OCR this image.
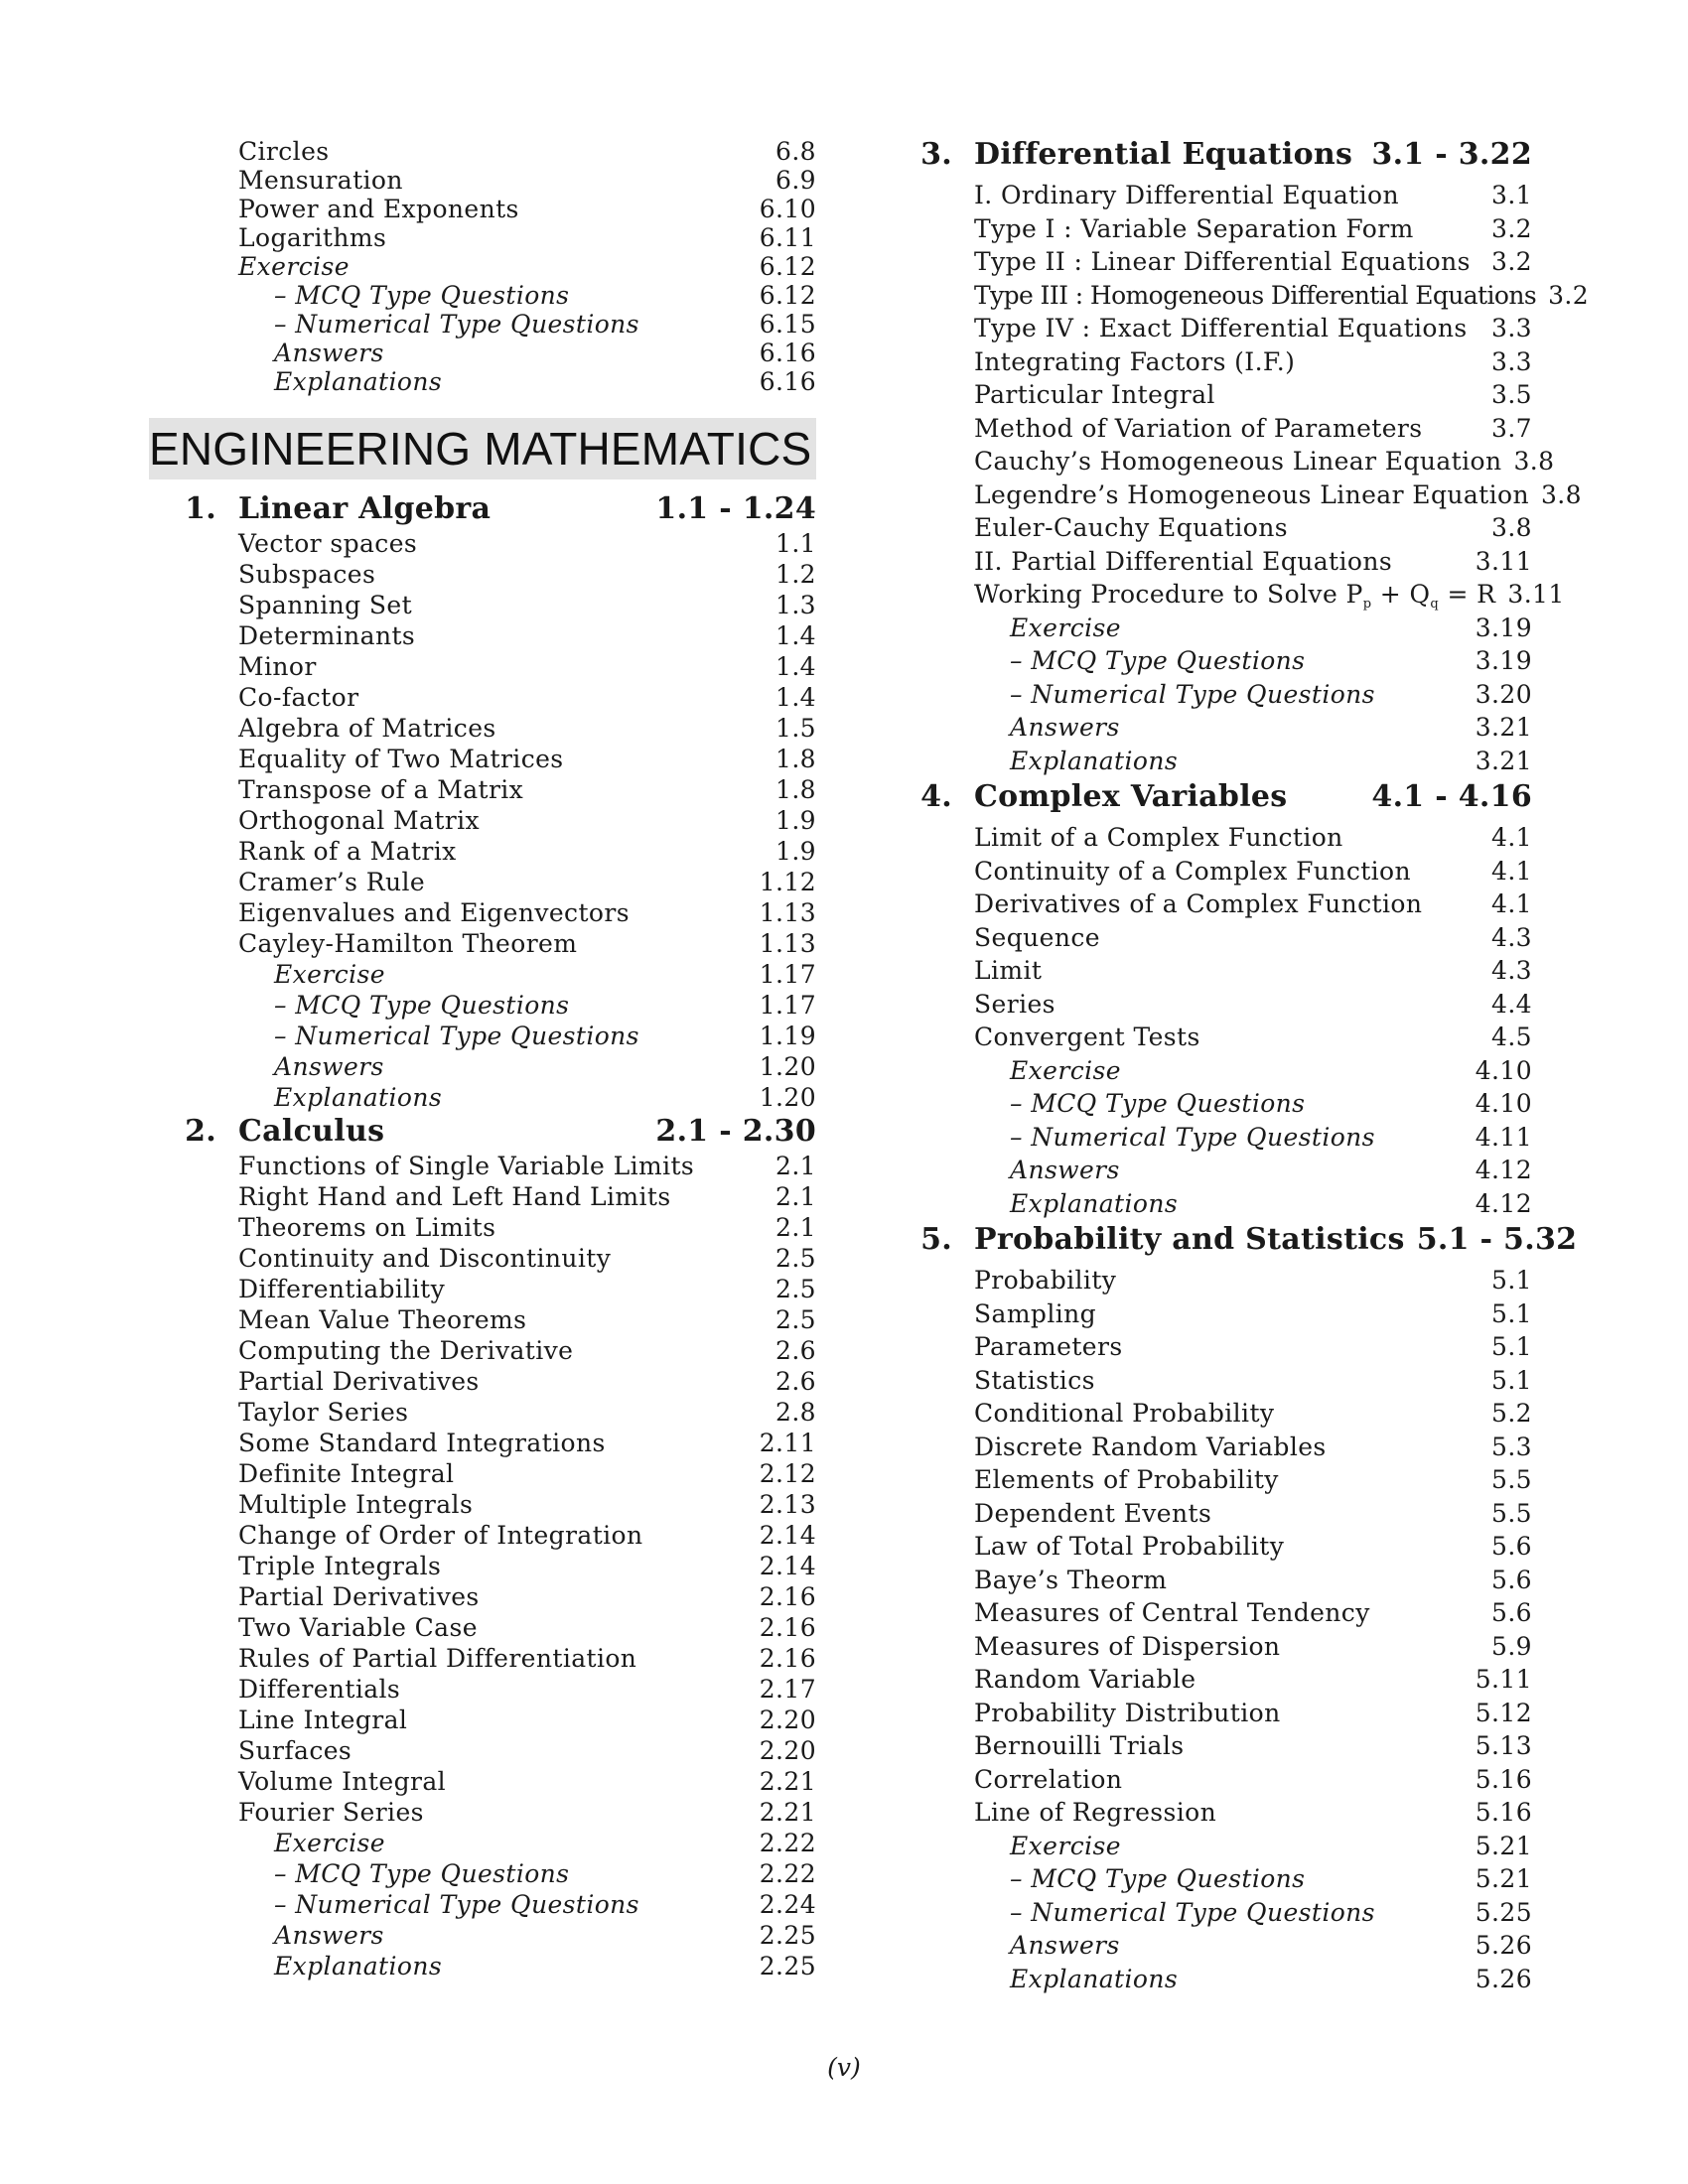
Circles	6.8
Mensuration	6.9
Power and Exponents	6.10
Logarithms	6.11
Exercise	6.12
– MCQ Type Questions	6.12
– Numerical Type Questions	6.15
Answers	6.16
Explanations	6.16
ENGINEERING MATHEMATICS
1. Linear Algebra	1.1 - 1.24
Vector spaces	1.1
Subspaces	1.2
Spanning Set	1.3
Determinants	1.4
Minor	1.4
Co-factor	1.4
Algebra of Matrices	1.5
Equality of Two Matrices	1.8
Transpose of a Matrix	1.8
Orthogonal Matrix	1.9
Rank of a Matrix	1.9
Cramer’s Rule	1.12
Eigenvalues and Eigenvectors	1.13
Cayley-Hamilton Theorem	1.13
Exercise	1.17
– MCQ Type Questions	1.17
– Numerical Type Questions	1.19
Answers	1.20
Explanations	1.20
2. Calculus	2.1 - 2.30
Functions of Single Variable Limits	2.1
Right Hand and Left Hand Limits	2.1
Theorems on Limits	2.1
Continuity and Discontinuity	2.5
Differentiability	2.5
Mean Value Theorems	2.5
Computing the Derivative	2.6
Partial Derivatives	2.6
Taylor Series	2.8
Some Standard Integrations	2.11
Definite Integral	2.12
Multiple Integrals	2.13
Change of Order of Integration	2.14
Triple Integrals	2.14
Partial Derivatives	2.16
Two Variable Case	2.16
Rules of Partial Differentiation	2.16
Differentials	2.17
Line Integral	2.20
Surfaces	2.20
Volume Integral	2.21
Fourier Series	2.21
Exercise	2.22
– MCQ Type Questions	2.22
– Numerical Type Questions	2.24
Answers	2.25
Explanations	2.25
3. Differential Equations 3.1 - 3.22
I. Ordinary Differential Equation	3.1
Type I : Variable Separation Form	3.2
Type II : Linear Differential Equations 3.2
Type III : Homogeneous Differential Equations 3.2
Type IV : Exact Differential Equations 3.3
Integrating Factors (I.F.)	3.3
Particular Integral	3.5
Method of Variation of Parameters	3.7
Cauchy’s Homogeneous Linear Equation 3.8
Legendre’s Homogeneous Linear Equation 3.8
Euler-Cauchy Equations	3.8
II. Partial Differential Equations	3.11
Working Procedure to Solve $P_p + Q_q = R$ 3.11
Exercise	3.19
– MCQ Type Questions	3.19
– Numerical Type Questions	3.20
Answers	3.21
Explanations	3.21
4. Complex Variables	4.1 - 4.16
Limit of a Complex Function	4.1
Continuity of a Complex Function	4.1
Derivatives of a Complex Function	4.1
Sequence	4.3
Limit	4.3
Series	4.4
Convergent Tests	4.5
Exercise	4.10
– MCQ Type Questions	4.10
– Numerical Type Questions	4.11
Answers	4.12
Explanations	4.12
5. Probability and Statistics 5.1 - 5.32
Probability	5.1
Sampling	5.1
Parameters	5.1
Statistics	5.1
Conditional Probability	5.2
Discrete Random Variables	5.3
Elements of Probability	5.5
Dependent Events	5.5
Law of Total Probability	5.6
Baye’s Theorm	5.6
Measures of Central Tendency	5.6
Measures of Dispersion	5.9
Random Variable	5.11
Probability Distribution	5.12
Bernouilli Trials	5.13
Correlation	5.16
Line of Regression	5.16
Exercise	5.21
– MCQ Type Questions	5.21
– Numerical Type Questions	5.25
Answers	5.26
Explanations	5.26
(v)
